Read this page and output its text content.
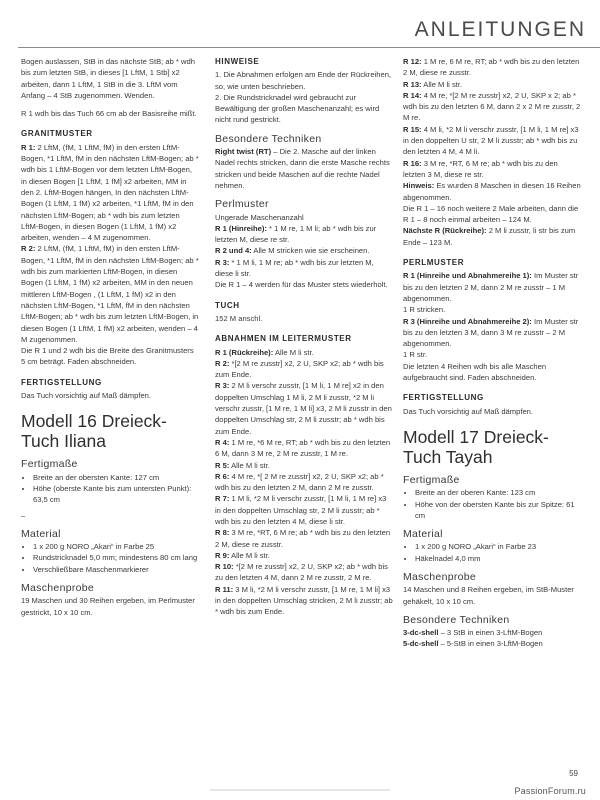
ANLEITUNGEN

Bogen auslassen, StB in das nächste StB; ab * wdh bis zum letzten StB, in dieses [1 LftM, 1 Stb] x2 arbeiten, dann 1 LftM, 1 StB in die 3. LftM vom Anfang – 4 StB zugenommen. Wenden.

R 1 wdh bis das Tuch 66 cm ab der Basisreihe mißt.

GRANITMUSTER
R 1: 2 LftM, (fM, 1 LftM, fM) in den ersten LftM-Bogen, *1 LftM, fM in den nächsten LftM-Bogen; ab * wdh bis 1 LftM-Bogen vor dem letzten LftM-Bogen, in diesen Bogen [1 LftM, 1 fM] x2 arbeiten, MM in den 2. LftM-Bogen hängen, In den nächsten LftM-Bogen (1 LftM, 1 fM) x2 arbeiten, *1 LftM, fM in den nächsten LftM-Bogen; ab * wdh bis zum letzten LftM-Bogen, in diesen Bogen (1 LftM, 1 fM) x2 arbeiten, wenden – 4 M zugenommen.
R 2: 2 LftM, (fM, 1 LftM, fM) in den ersten LftM-Bogen, *1 LftM, fM in den nächsten LftM-Bogen; ab * wdh bis zum markierten LftM-Bogen, in diesen Bogen (1 LftM, 1 fM) x2 arbeiten, MM in den neuen mittleren LftM-Bogen , (1 LftM, 1 fM) x2 in den nächsten LftM-Bogen, *1 LftM, fM in den nächsten LftM-Bogen; ab * wdh bis zum letzten LftM-Bogen, in diesen Bogen (1 LftM, 1 fM) x2 arbeiten, wenden – 4 M zugenommen.

Die R 1 und 2 wdh bis die Breite des Granitmusters 5 cm beträgt. Faden abschneiden.

FERTIGSTELLUNG
Das Tuch vorsichtig auf Maß dämpfen.
Modell 16 Dreieck-Tuch Iliana
Fertigmaße
• Breite an der obersten Kante: 127 cm
• Höhe (oberste Kante bis zum untersten Punkt): 63,5 cm
–
Material
• 1 x 200 g NORO „Akari“ in Farbe 25
• Rundstricknadel 5,0 mm; mindestens 80 cm lang
• Verschließbare Maschenmarkierer
Maschenprobe
19 Maschen und 30 Reihen ergeben, im Perlmuster gestrickt, 10 x 10 cm.
HINWEISE
1. Die Abnahmen erfolgen am Ende der Rückreihen, so, wie unten beschrieben.

2. Die Rundstricknadel wird gebraucht zur Bewältigung der großen Maschenanzahl; es wird nicht rund gestrickt.

Besondere Techniken

Right twist (RT) – Die 2. Masche auf der linken Nadel rechts stricken, dann die erste Masche rechts stricken und beide Maschen auf die rechte Nadel nehmen.

Perlmuster
Ungerade Maschenanzahl
R 1 (Hinreihe): * 1 M re, 1 M li; ab * wdh bis zur letzten M, diese re str.
R 2 und 4: Alle M stricken wie sie erscheinen.
R 3: * 1 M li, 1 M re; ab * wdh bis zur letzten M, diese li str.

Die R 1 – 4 werden für das Muster stets wiederholt.

TUCH

152 M anschl.

ABNAHMEN IM LEITERMUSTER
R 1 (Rückreihe): Alle M li str.
R 2: *[2 M re zusstr] x2, 2 U, SKP x2; ab * wdh bis zum Ende.
R 3: 2 M li verschr zusstr, [1 M li, 1 M re] x2 in den doppelten Umschlag 1 M li, 2 M li zusstr, *2 M li verschr zusstr, [1 M re, 1 M li] x3, 2 M li zusstr in den doppelten Umschlag str, 2 M li zusstr; ab * wdh bis zum Ende.
R 4: 1 M re, *6 M re, RT; ab * wdh bis zu den letzten 6 M, dann 3 M re, 2 M re zusstr, 1 M re.
R 5: Alle M li str.
R 6: 4 M re, *[ 2 M re zusstr] x2, 2 U, SKP x2; ab * wdh bis zu den letzten 2 M, dann 2 M re zusstr.
R 7: 1 M li, *2 M li verschr zusstr, [1 M li, 1 M re] x3 in den doppelten Umschlag str, 2 M li zusstr; ab * wdh bis zu den letzten 4 M, diese li str.
R 8: 3 M re, *RT, 6 M re; ab * wdh bis zu den letzten 2 M, diese re zusstr.
R 9: Alle M li str.
R 10: *[2 M re zusstr] x2, 2 U, SKP x2; ab * wdh bis zu den letzten 4 M, dann 2 M re zusstr, 2 M re.
R 11: 3 M li, *2 M li verschr zusstr, [1 M re, 1 M li] x3 in den doppelten Umschlag stricken, 2 M li zusstr; ab * wdh bis zum Ende.
R 12: 1 M re, 6 M re, RT; ab * wdh bis zu den letzten 2 M, diese re zusstr.
R 13: Alle M li str.
R 14: 4 M re, *[2 M re zusstr] x2, 2 U, SKP x 2; ab * wdh bis zu den letzten 6 M, dann 2 x 2 M re zusstr, 2 M re.
R 15: 4 M li, *2 M li verschr zusstr, [1 M li, 1 M re] x3 in den doppelten U str, 2 M li zusstr; ab * wdh bis zu den letzten 4 M, 4 M li.
R 16: 3 M re, *RT, 6 M re; ab * wdh bis zu den letzten 3 M, diese re str.
Hinweis: Es wurden 8 Maschen in diesen 16 Reihen abgenommen.
Die R 1 – 16 noch weitere 2 Male arbeiten, dann die R 1 – 8 noch einmal arbeiten – 124 M.

Nächste R (Rückreihe): 2 M li zusstr, li str bis zum Ende – 123 M.

PERLMUSTER
R 1 (Hinreihe und Abnahmereihe 1): Im Muster str bis zu den letzten 2 M, dann 2 M re zusstr – 1 M abgenommen.
1 R stricken.
R 3 (Hinreihe und Abnahmereihe 2): Im Muster str bis zu den letzten 3 M, dann 3 M re zusstr – 2 M abgenommen.
1 R str.

Die letzten 4 Reihen wdh bis alle Maschen aufgebraucht sind. Faden abschneiden.

FERTIGSTELLUNG
Das Tuch vorsichtig auf Maß dämpfen.
Modell 17 Dreieck-Tuch Tayah
Fertigmaße
• Breite an der oberen Kante: 123 cm
• Höhe von der obersten Kante bis zur Spitze: 61 cm
Material
• 1 x 200 g NORO „Akari“ in Farbe 23
• Häkelnadel 4,0 mm
Maschenprobe
14 Maschen und 8 Reihen ergeben, im StB-Muster gehäkelt, 10 x 10 cm.
Besondere Techniken
3-dc-shell – 3 StB in einen 3-LftM-Bogen
5-dc-shell – 5-StB in einen 3-LftM-Bogen
59
PassionForum.ru
